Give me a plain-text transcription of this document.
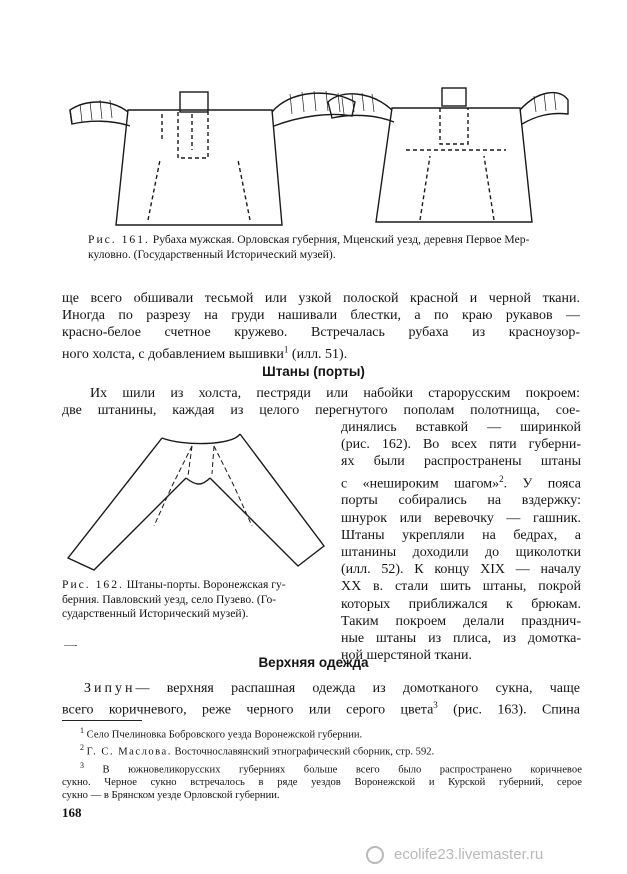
Рис. 161. Рубаха мужская. Орловская губерния, Мценский уезд, деревня Первое Мер-
куловно. (Государственный Исторический музей).
ще всего обшивали тесьмой или узкой полоской красной и черной ткани.
Иногда по разрезу на груди нашивали блестки, а по краю рукавов —
красно-белое счетное кружево. Встречалась рубаха из красноузор-
ного холста, с добавлением вышивки$^1$ (илл. 51).
Штаны (порты)
Их шили из холста, пестряди или набойки старорусским покроем:
две штанины, каждая из целого перегнутого пополам полотнища, сое-
Рис. 162. Штаны-порты. Воронежская гу-
берния. Павловский уезд, село Пузево. (Го-
сударственный Исторический музей).
динялись вставкой — ширинкой
(рис. 162). Во всех пяти губерни-
ях были распространены штаны
с «нешироким шагом»$^2$. У пояса
порты собирались на вздержку:
шнурок или веревочку — гашник.
Штаны укрепляли на бедрах, а
штанины доходили до щиколотки
(илл. 52). К концу XIX — началу
XX в. стали шить штаны, покрой
которых приближался к брюкам.
Таким покроем делали празднич-
ные штаны из плиса, из домотка-
ной шерстяной ткани.
—-
Верхняя одежда
Зипун— верхняя распашная одежда из домотканого сукна, чаще
всего коричневого, реже черного или серого цвета$^3$ (рис. 163). Спина
$^1$ Село Пчелиновка Бобровского уезда Воронежской губернии.
$^2$ Г. С. Маслова. Восточнославянский этнографический сборник, стр. 592.
$^3$ В южновеликорусских губерниях больше всего было распространено коричневое
сукно. Черное сукно встречалось в ряде уездов Воронежской и Курской губерний, серое
сукно — в Брянском уезде Орловской губернии.
168
ecolife23.livemaster.ru
